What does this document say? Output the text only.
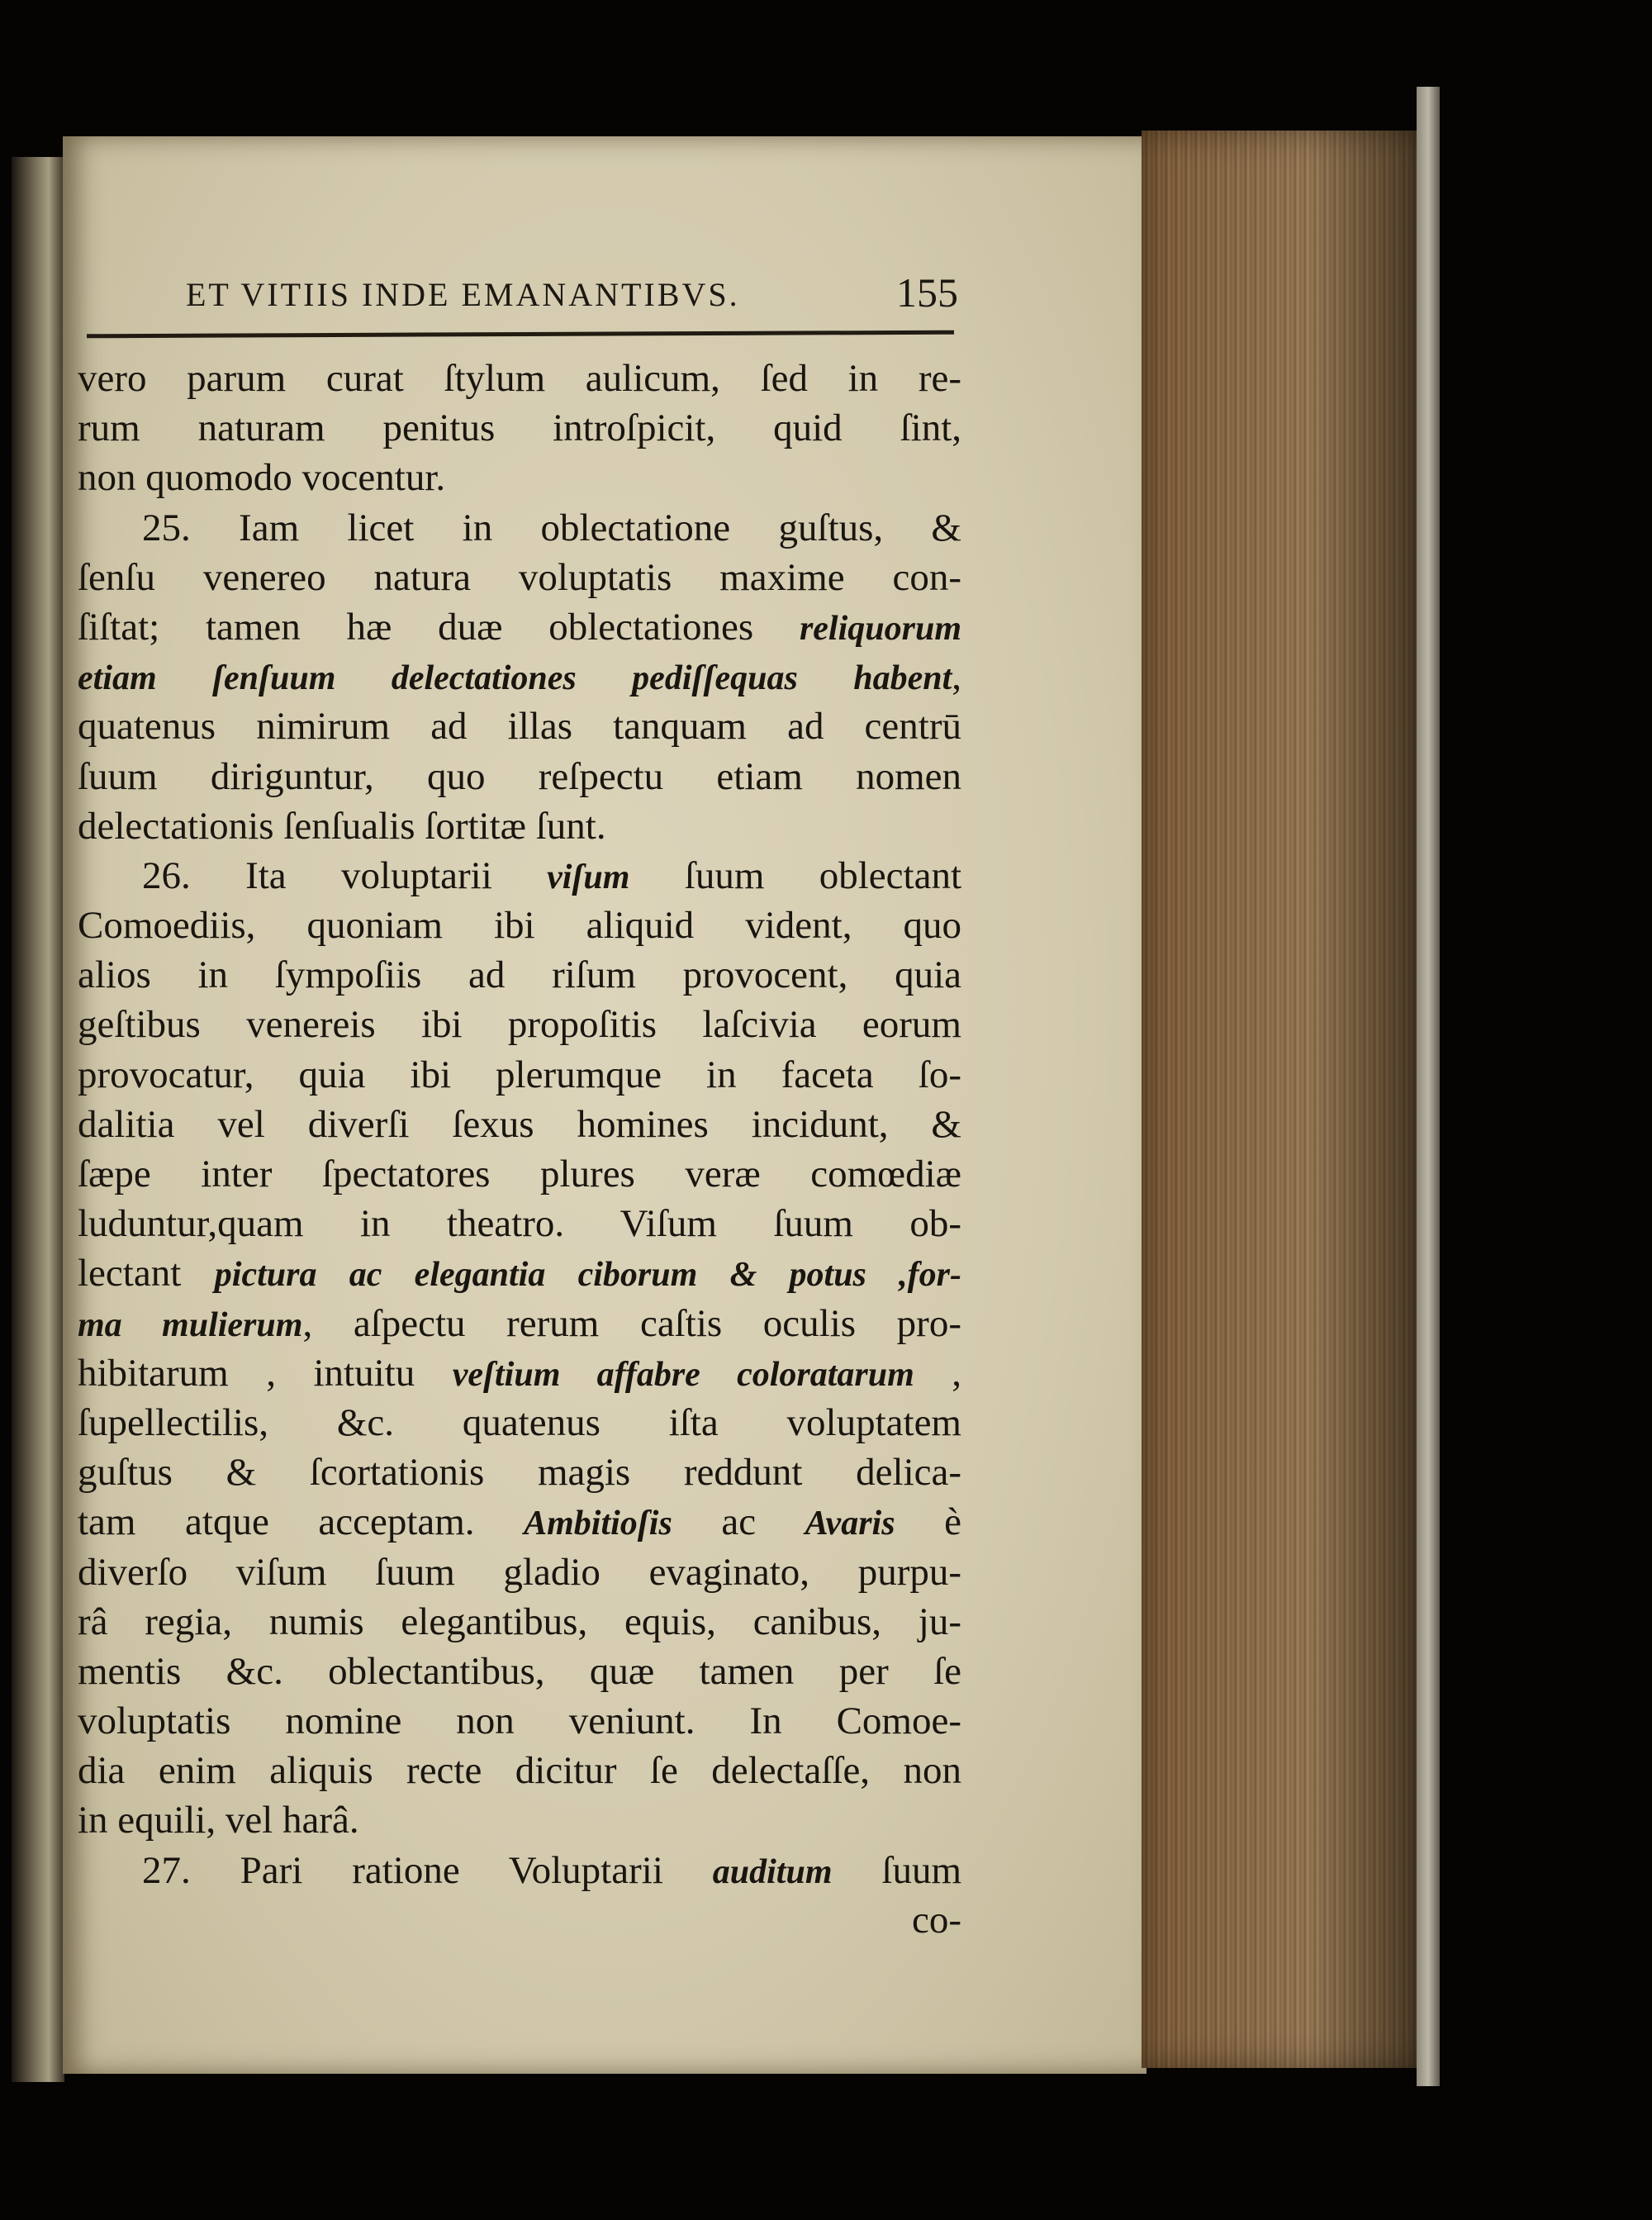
ET VITIIS INDE EMANANTIBVS.	155
vero parum curat ſtylum aulicum, ſed in re-
rum naturam penitus introſpicit, quid ſint,
non quomodo vocentur.
25. Iam licet in oblectatione guſtus, &
ſenſu venereo natura voluptatis maxime con-
ſiſtat; tamen hæ duæ oblectationes reliquorum
etiam ſenſuum delectationes pediſſequas habent,
quatenus nimirum ad illas tanquam ad centrū
ſuum diriguntur, quo reſpectu etiam nomen
delectationis ſenſualis ſortitæ ſunt.
26. Ita voluptarii viſum ſuum oblectant
Comoediis, quoniam ibi aliquid vident, quo
alios in ſympoſiis ad riſum provocent, quia
geſtibus venereis ibi propoſitis laſcivia eorum
provocatur, quia ibi plerumque in faceta ſo-
dalitia vel diverſi ſexus homines incidunt, &
ſæpe inter ſpectatores plures veræ comœdiæ
luduntur,quam in theatro. Viſum ſuum ob-
lectant pictura ac elegantia ciborum & potus ,for-
ma mulierum, aſpectu rerum caſtis oculis pro-
hibitarum , intuitu veſtium affabre coloratarum ,
ſupellectilis, &c. quatenus iſta voluptatem
guſtus & ſcortationis magis reddunt delica-
tam atque acceptam. Ambitioſis ac Avaris è
diverſo viſum ſuum gladio evaginato, purpu-
râ regia, numis elegantibus, equis, canibus, ju-
mentis &c. oblectantibus, quæ tamen per ſe
voluptatis nomine non veniunt. In Comoe-
dia enim aliquis recte dicitur ſe delectaſſe, non
in equili, vel harâ.
27. Pari ratione Voluptarii auditum ſuum
co-
